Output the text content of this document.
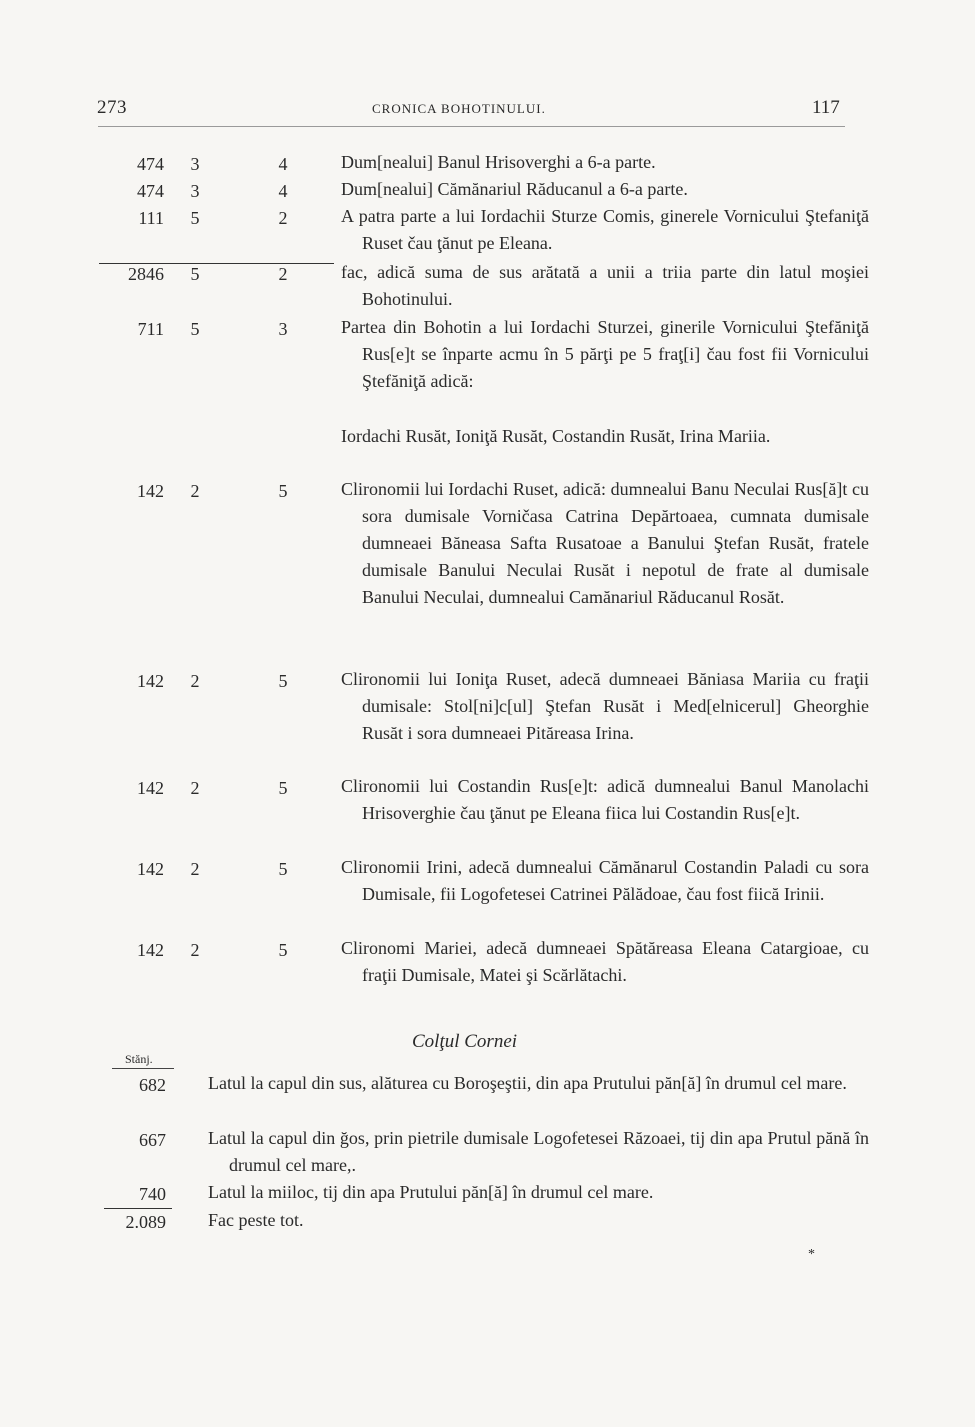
273	CRONICA BOHOTINULUI.	117
474	3	4	Dum[nealui] Banul Hrisoverghi a 6-a parte.
474	3	4	Dum[nealui] Cămănariul Răducanul a 6-a parte.
111	5	2	A patra parte a lui Iordachii Sturze Comis, ginerele Vornicului Ştefaniţă Ruset čau ţănut pe Eleana.
2846	5	2	fac, adică suma de sus arătată a unii a triia parte din latul moşiei Bohotinului.
711	5	3	Partea din Bohotin a lui Iordachi Sturzei, ginerile Vornicului Ştefăniţă Rus[e]t se înparte acmu în 5 părţi pe 5 fraţ[i] čau fost fii Vornicului Ştefăniţă adică:
Iordachi Rusăt, Ioniţă Rusăt, Costandin Rusăt, Irina Mariia.
142	2	5	Clironomii lui Iordachi Ruset, adică: dumnealui Banu Neculai Rus[ă]t cu sora dumisale Vorničasa Catrina Depărtoaea, cumnata dumisale dumneaei Băneasa Safta Rusatoae a Banului Ştefan Rusăt, fratele dumisale Banului Neculai Rusăt i nepotul de frate al dumisale Banului Neculai, dumnealui Camănariul Răducanul Rosăt.
142	2	5	Clironomii lui Ioniţa Ruset, adecă dumneaei Băniasa Mariia cu fraţii dumisale: Stol[ni]c[ul] Ştefan Rusăt i Med[elnicerul] Gheorghie Rusăt i sora dumneaei Pităreasa Irina.
142	2	5	Clironomii lui Costandin Rus[e]t: adică dumnealui Banul Manolachi Hrisoverghie čau ţănut pe Eleana fiica lui Costandin Rus[e]t.
142	2	5	Clironomii Irini, adecă dumnealui Cămănarul Costandin Paladi cu sora Dumisale, fii Logofetesei Catrinei Pălădoae, čau fost fiică Irinii.
142	2	5	Clironomi Mariei, adecă dumneaei Spătăreasa Eleana Catargioae, cu fraţii Dumisale, Matei şi Scărlătachi.
Colţul Cornei
Stănj.
682 Latul la capul din sus, alăturea cu Boroşeştii, din apa Prutului păn[ă] în drumul cel mare.
667 Latul la capul din ğos, prin pietrile dumisale Logofetesei Răzoaei, tij din apa Prutul pănă în drumul cel mare,.
740 Latul la miiloc, tij din apa Prutului păn[ă] în drumul cel mare.
2.089 Fac peste tot.
*
